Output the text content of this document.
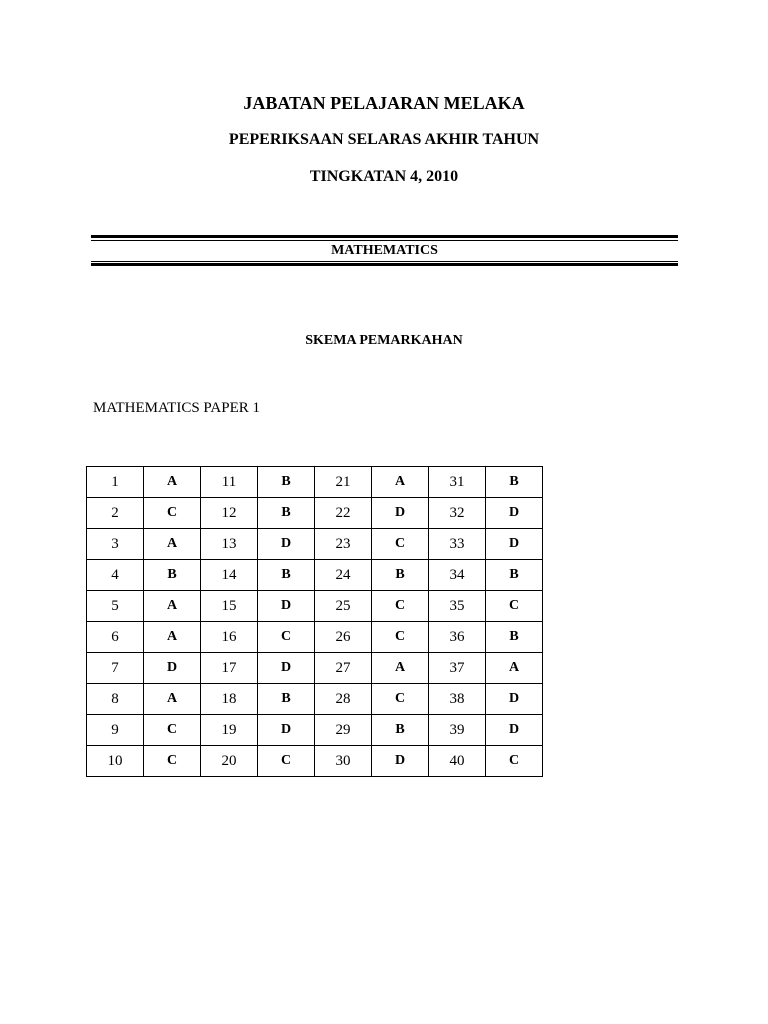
JABATAN PELAJARAN MELAKA
PEPERIKSAAN SELARAS AKHIR TAHUN
TINGKATAN 4, 2010
MATHEMATICS
SKEMA PEMARKAHAN
MATHEMATICS PAPER 1
1	A	11	B	21	A	31	B
2	C	12	B	22	D	32	D
3	A	13	D	23	C	33	D
4	B	14	B	24	B	34	B
5	A	15	D	25	C	35	C
6	A	16	C	26	C	36	B
7	D	17	D	27	A	37	A
8	A	18	B	28	C	38	D
9	C	19	D	29	B	39	D
10	C	20	C	30	D	40	C
